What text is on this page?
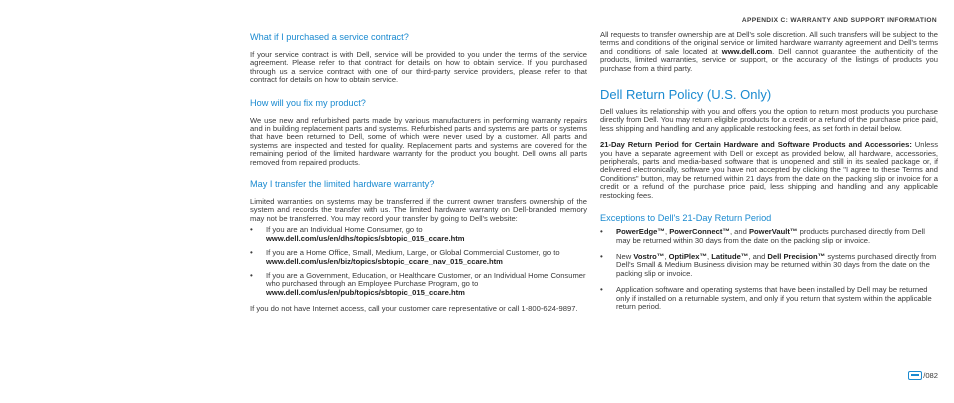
APPENDIX C: WARRANTY AND SUPPORT INFORMATION
What if I purchased a service contract?

If your service contract is with Dell, service will be provided to you under the terms of the service agreement. Please refer to that contract for details on how to obtain service. If you purchased through us a service contract with one of our third-party service providers, please refer to that contract for details on how to obtain service.

How will you fix my product?

We use new and refurbished parts made by various manufacturers in performing warranty repairs and in building replacement parts and systems. Refurbished parts and systems are parts or systems that have been returned to Dell, some of which were never used by a customer. All parts and systems are inspected and tested for quality. Replacement parts and systems are covered for the remaining period of the limited hardware warranty for the product you bought. Dell owns all parts removed from repaired products.

May I transfer the limited hardware warranty?

Limited warranties on systems may be transferred if the current owner transfers ownership of the system and records the transfer with us. The limited hardware warranty on Dell-branded memory may not be transferred. You may record your transfer by going to Dell's website:

• If you are an Individual Home Consumer, go to www.dell.com/us/en/dhs/topics/sbtopic_015_ccare.htm
• If you are a Home Office, Small, Medium, Large, or Global Commercial Customer, go to www.dell.com/us/en/biz/topics/sbtopic_ccare_nav_015_ccare.htm
• If you are a Government, Education, or Healthcare Customer, or an Individual Home Consumer who purchased through an Employee Purchase Program, go to www.dell.com/us/en/pub/topics/sbtopic_015_ccare.htm

If you do not have Internet access, call your customer care representative or call 1-800-624-9897.

All requests to transfer ownership are at Dell's sole discretion. All such transfers will be subject to the terms and conditions of the original service or limited hardware warranty agreement and Dell's terms and conditions of sale located at www.dell.com. Dell cannot guarantee the authenticity of the products, limited warranties, service or support, or the accuracy of the listings of products you purchase from a third party.

Dell Return Policy (U.S. Only)

Dell values its relationship with you and offers you the option to return most products you purchase directly from Dell. You may return eligible products for a credit or a refund of the purchase price paid, less shipping and handling and any applicable restocking fees, as set forth in detail below.

21-Day Return Period for Certain Hardware and Software Products and Accessories: Unless you have a separate agreement with Dell or except as provided below, all hardware, accessories, peripherals, parts and media-based software that is unopened and still in its sealed package or, if delivered electronically, software you have not accepted by clicking the "I agree to these Terms and Conditions" button, may be returned within 21 days from the date on the packing slip or invoice for a credit or a refund of the purchase price paid, less shipping and handling and any applicable restocking fees.

Exceptions to Dell's 21-Day Return Period
• PowerEdge™, PowerConnect™, and PowerVault™ products purchased directly from Dell may be returned within 30 days from the date on the packing slip or invoice.
• New Vostro™, OptiPlex™, Latitude™, and Dell Precision™ systems purchased directly from Dell's Small & Medium Business division may be returned within 30 days from the date on the packing slip or invoice.
• Application software and operating systems that have been installed by Dell may be returned only if installed on a returnable system, and only if you return that system within the applicable return period.
/082
